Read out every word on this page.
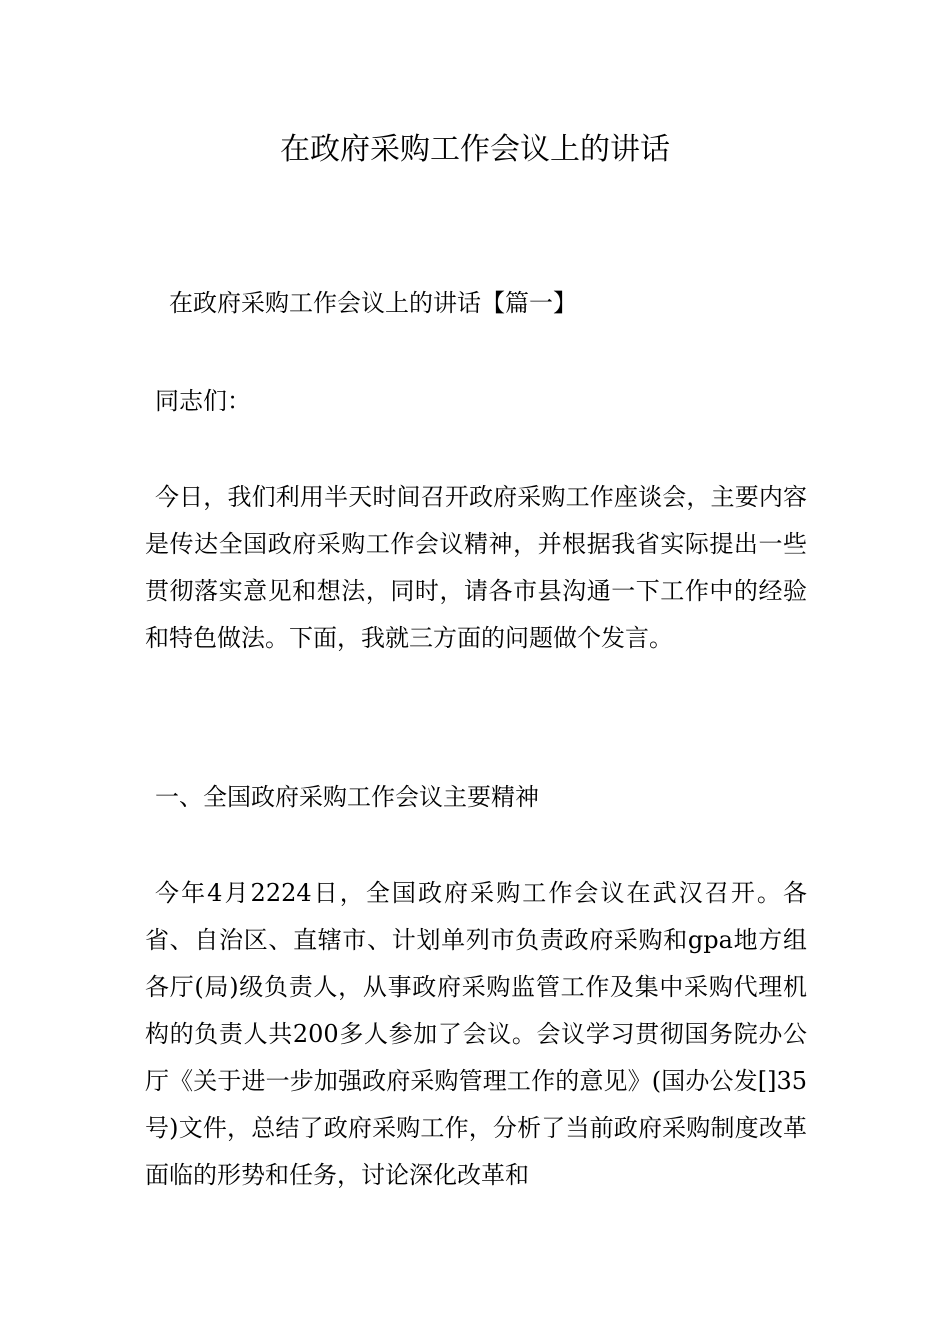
在政府采购工作会议上的讲话

在政府采购工作会议上的讲话【篇一】

同志们：

今日，我们利用半天时间召开政府采购工作座谈会，主要内容是传达全国政府采购工作会议精神，并根据我省实际提出一些贯彻落实意见和想法，同时，请各市县沟通一下工作中的经验和特色做法。下面，我就三方面的问题做个发言。

一、全国政府采购工作会议主要精神

今年4月2224日，全国政府采购工作会议在武汉召开。各省、自治区、直辖市、计划单列市负责政府采购和gpa地方组各厅(局)级负责人，从事政府采购监管工作及集中采购代理机构的负责人共200多人参加了会议。会议学习贯彻国务院办公厅《关于进一步加强政府采购管理工作的意见》(国办公发[]35号)文件，总结了政府采购工作，分析了当前政府采购制度改革面临的形势和任务，讨论深化改革和
